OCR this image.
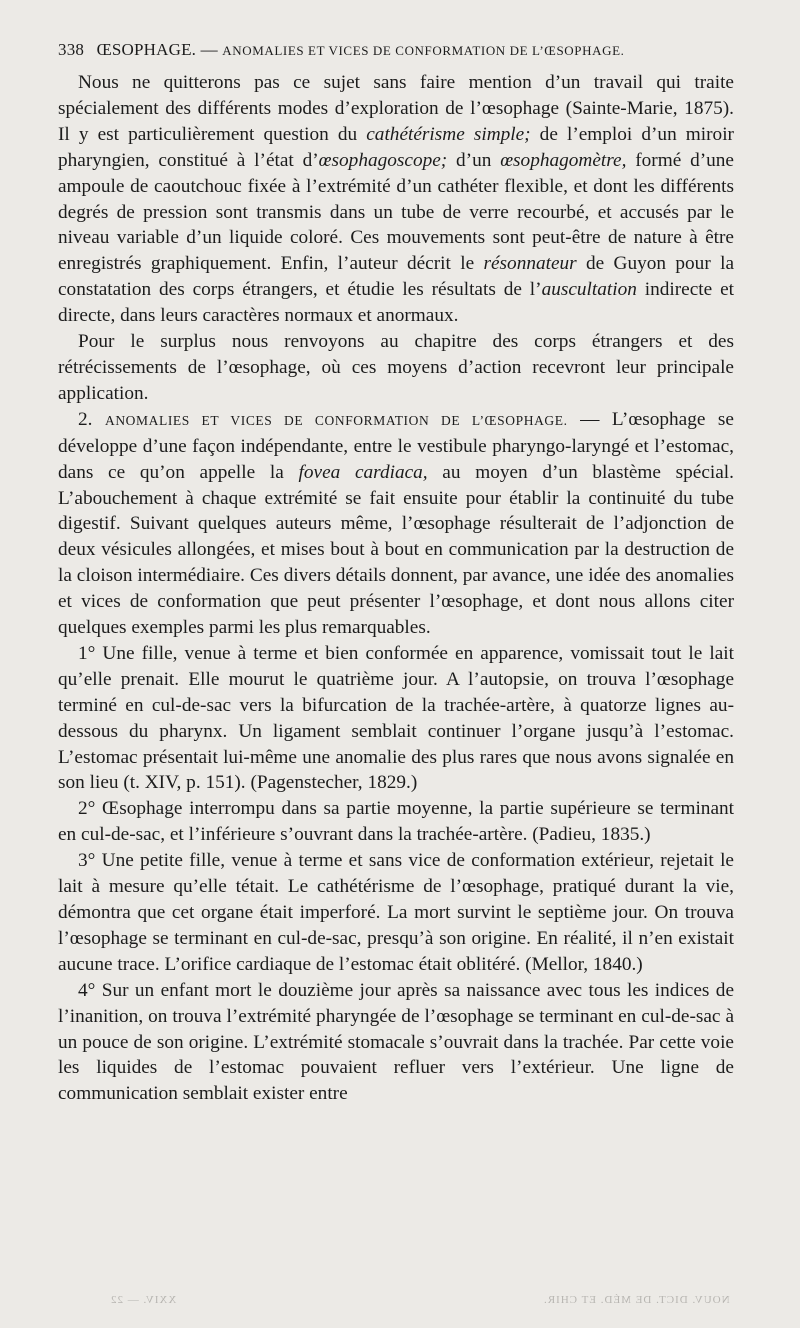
338 ŒSOPHAGE. — ANOMALIES ET VICES DE CONFORMATION DE L’ŒSOPHAGE.

Nous ne quitterons pas ce sujet sans faire mention d’un travail qui traite spécialement des différents modes d’exploration de l’œsophage (Sainte-Marie, 1875). Il y est particulièrement question du cathétérisme simple; de l’emploi d’un miroir pharyngien, constitué à l’état d’œsophagoscope; d’un œsophagomètre, formé d’une ampoule de caoutchouc fixée à l’extrémité d’un cathéter flexible, et dont les différents degrés de pression sont transmis dans un tube de verre recourbé, et accusés par le niveau variable d’un liquide coloré. Ces mouvements sont peut-être de nature à être enregistrés graphiquement. Enfin, l’auteur décrit le résonnateur de Guyon pour la constatation des corps étrangers, et étudie les résultats de l’auscultation indirecte et directe, dans leurs caractères normaux et anormaux.

Pour le surplus nous renvoyons au chapitre des corps étrangers et des rétrécissements de l’œsophage, où ces moyens d’action recevront leur principale application.

2. ANOMALIES ET VICES DE CONFORMATION DE L’ŒSOPHAGE. — L’œsophage se développe d’une façon indépendante, entre le vestibule pharyngo-laryngé et l’estomac, dans ce qu’on appelle la fovea cardiaca, au moyen d’un blastème spécial. L’abouchement à chaque extrémité se fait ensuite pour établir la continuité du tube digestif. Suivant quelques auteurs même, l’œsophage résulterait de l’adjonction de deux vésicules allongées, et mises bout à bout en communication par la destruction de la cloison intermédiaire. Ces divers détails donnent, par avance, une idée des anomalies et vices de conformation que peut présenter l’œsophage, et dont nous allons citer quelques exemples parmi les plus remarquables.

1° Une fille, venue à terme et bien conformée en apparence, vomissait tout le lait qu’elle prenait. Elle mourut le quatrième jour. A l’autopsie, on trouva l’œsophage terminé en cul-de-sac vers la bifurcation de la trachée-artère, à quatorze lignes au-dessous du pharynx. Un ligament semblait continuer l’organe jusqu’à l’estomac. L’estomac présentait lui-même une anomalie des plus rares que nous avons signalée en son lieu (t. XIV, p. 151). (Pagenstecher, 1829.)

2° Œsophage interrompu dans sa partie moyenne, la partie supérieure se terminant en cul-de-sac, et l’inférieure s’ouvrant dans la trachée-artère. (Padieu, 1835.)

3° Une petite fille, venue à terme et sans vice de conformation extérieur, rejetait le lait à mesure qu’elle tétait. Le cathétérisme de l’œsophage, pratiqué durant la vie, démontra que cet organe était imperforé. La mort survint le septième jour. On trouva l’œsophage se terminant en cul-de-sac, presqu’à son origine. En réalité, il n’en existait aucune trace. L’orifice cardiaque de l’estomac était oblitéré. (Mellor, 1840.)

4° Sur un enfant mort le douzième jour après sa naissance avec tous les indices de l’inanition, on trouva l’extrémité pharyngée de l’œsophage se terminant en cul-de-sac à un pouce de son origine. L’extrémité stomacale s’ouvrait dans la trachée. Par cette voie les liquides de l’estomac pouvaient refluer vers l’extérieur. Une ligne de communication semblait exister entre

XXIV. — 22	NOUV. DICT. DE MÉD. ET CHIR.
